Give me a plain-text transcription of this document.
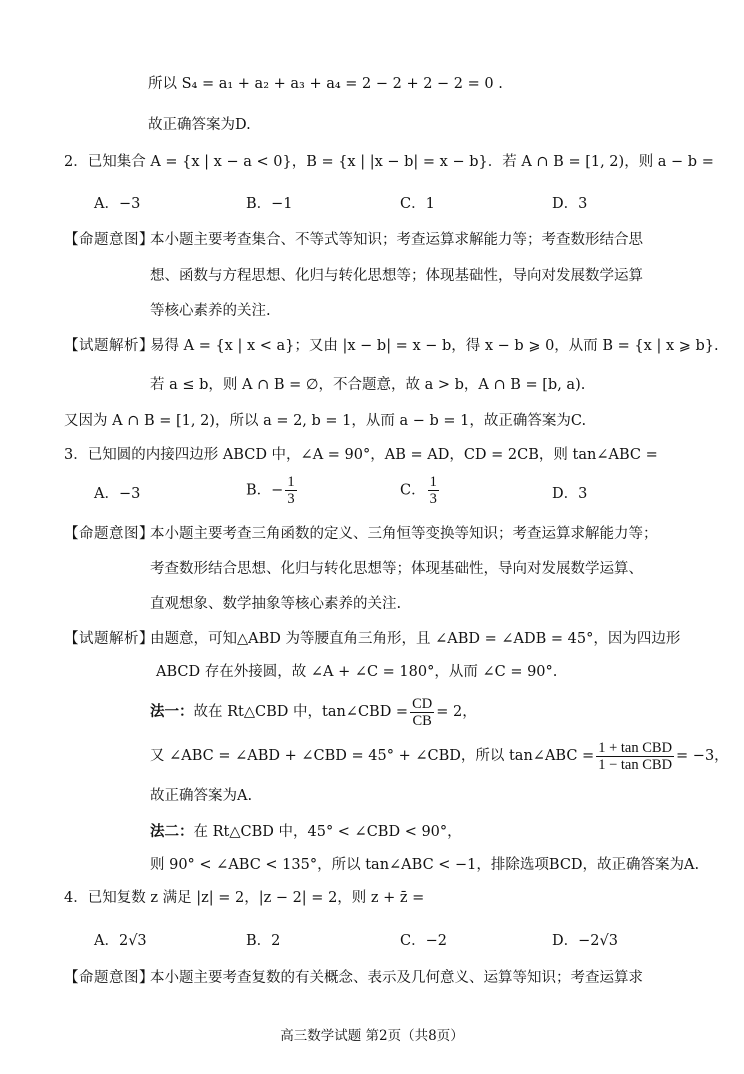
所以 S₄ = a₁ + a₂ + a₃ + a₄ = 2 − 2 + 2 − 2 = 0 .
故正确答案为D.
2．已知集合 A = {x | x − a < 0}，B = {x | |x − b| = x − b}．若 A ∩ B = [1, 2)，则 a − b =
A．−3	B．−1	C．1	D．3
【命题意图】
本小题主要考查集合、不等式等知识；考查运算求解能力等；考查数形结合思
想、函数与方程思想、化归与转化思想等；体现基础性，导向对发展数学运算
等核心素养的关注.
【试题解析】
易得 A = {x | x < a}；又由 |x − b| = x − b，得 x − b ⩾ 0，从而 B = {x | x ⩾ b}.
若 a ≤ b，则 A ∩ B = ∅，不合题意，故 a > b，A ∩ B = [b, a).
又因为 A ∩ B = [1, 2)，所以 a = 2, b = 1，从而 a − b = 1，故正确答案为C.
3．已知圆的内接四边形 ABCD 中，∠A = 90°，AB = AD，CD = 2CB，则 tan∠ABC =
A．−3	B．− $\frac{1}{3}$	C． $\frac{1}{3}$	D．3
【命题意图】
本小题主要考查三角函数的定义、三角恒等变换等知识；考查运算求解能力等；
考查数形结合思想、化归与转化思想等；体现基础性，导向对发展数学运算、
直观想象、数学抽象等核心素养的关注.
【试题解析】
由题意，可知△ABD 为等腰直角三角形，且 ∠ABD = ∠ADB = 45°，因为四边形
ABCD 存在外接圆，故 ∠A + ∠C = 180°，从而 ∠C = 90°.
法一：故在 Rt△CBD 中，tan∠CBD = $\frac{CD}{CB} = 2$，
又 ∠ABC = ∠ABD + ∠CBD = 45° + ∠CBD，所以 tan∠ABC = $\frac{\text{1 + tan CBD}}{\text{1 − tan CBD}} = -3$，
故正确答案为A.
法二：在 Rt△CBD 中，45° < ∠CBD < 90°，
则 90° < ∠ABC < 135°，所以 tan∠ABC < −1，排除选项BCD，故正确答案为A.
4．已知复数 z 满足 |z| = 2，|z − 2| = 2，则 z + z̄ =
A．2√3	B．2	C．−2	D．−2√3
【命题意图】
本小题主要考查复数的有关概念、表示及几何意义、运算等知识；考查运算求
高三数学试题 第2页（共8页）
